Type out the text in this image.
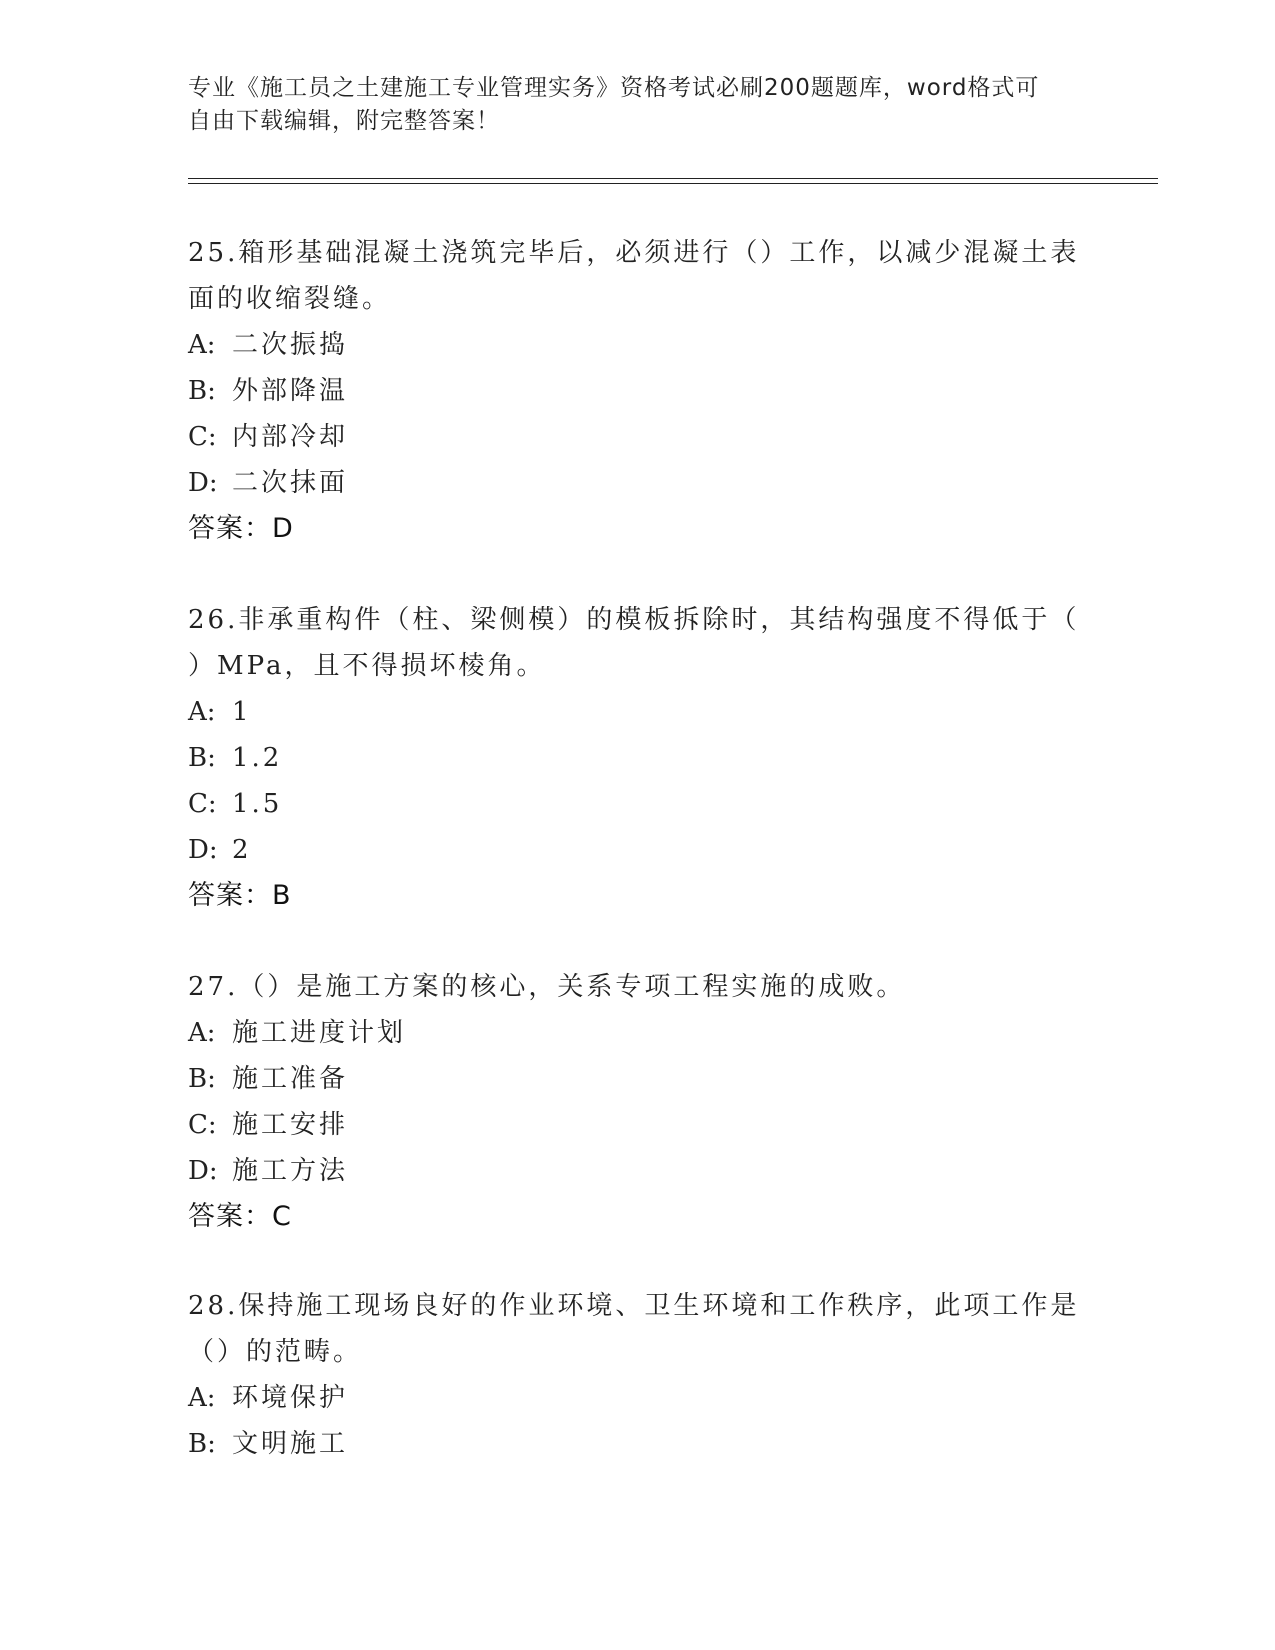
专业《施工员之土建施工专业管理实务》资格考试必刷200题题库，word格式可
自由下载编辑，附完整答案！
25.箱形基础混凝土浇筑完毕后，必须进行（）工作，以减少混凝土表
面的收缩裂缝。
A: 二次振捣
B: 外部降温
C: 内部冷却
D: 二次抹面
答案：D
26.非承重构件（柱、梁侧模）的模板拆除时，其结构强度不得低于（
）MPa，且不得损坏棱角。
A: 1
B: 1.2
C: 1.5
D: 2
答案：B
27.（）是施工方案的核心，关系专项工程实施的成败。
A: 施工进度计划
B: 施工准备
C: 施工安排
D: 施工方法
答案：C
28.保持施工现场良好的作业环境、卫生环境和工作秩序，此项工作是
（）的范畴。
A: 环境保护
B: 文明施工
